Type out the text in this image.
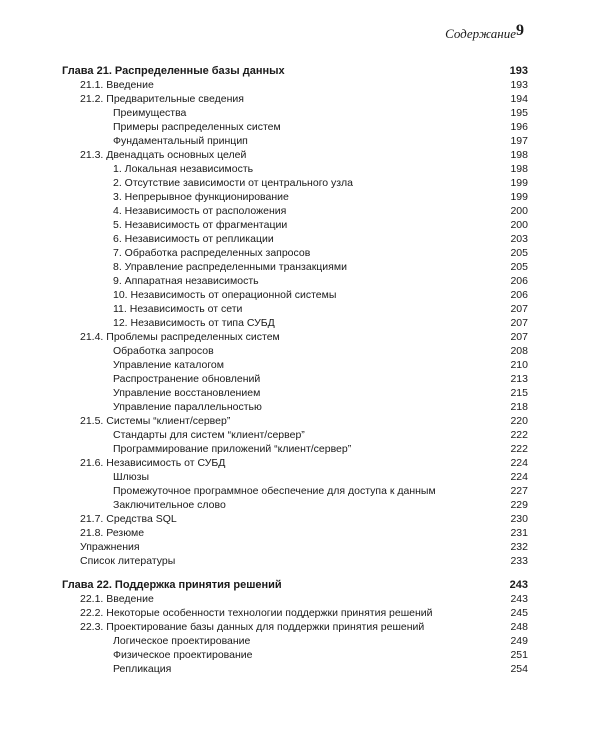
Содержание 9
Глава 21. Распределенные базы данных	193
21.1. Введение	193
21.2. Предварительные сведения	194
Преимущества	195
Примеры распределенных систем	196
Фундаментальный принцип	197
21.3. Двенадцать основных целей	198
1. Локальная независимость	198
2. Отсутствие зависимости от центрального узла	199
3. Непрерывное функционирование	199
4. Независимость от расположения	200
5. Независимость от фрагментации	200
6. Независимость от репликации	203
7. Обработка распределенных запросов	205
8. Управление распределенными транзакциями	205
9. Аппаратная независимость	206
10. Независимость от операционной системы	206
11. Независимость от сети	207
12. Независимость от типа СУБД	207
21.4. Проблемы распределенных систем	207
Обработка запросов	208
Управление каталогом	210
Распространение обновлений	213
Управление восстановлением	215
Управление параллельностью	218
21.5. Системы “клиент/сервер”	220
Стандарты для систем “клиент/сервер”	222
Программирование приложений “клиент/сервер”	222
21.6. Независимость от СУБД	224
Шлюзы	224
Промежуточное программное обеспечение для доступа к данным	227
Заключительное слово	229
21.7. Средства SQL	230
21.8. Резюме	231
Упражнения	232
Список литературы	233
Глава 22. Поддержка принятия решений	243
22.1. Введение	243
22.2. Некоторые особенности технологии поддержки принятия решений	245
22.3. Проектирование базы данных для поддержки принятия решений	248
Логическое проектирование	249
Физическое проектирование	251
Репликация	254
